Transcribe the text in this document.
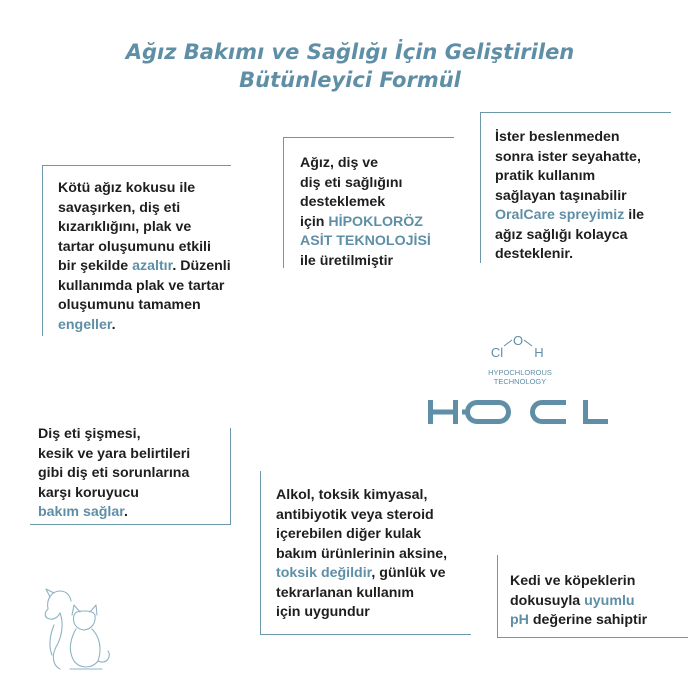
Ağız Bakımı ve Sağlığı İçin Geliştirilen
Bütünleyici Formül
Kötü ağız kokusu ile
savaşırken, diş eti
kızarıklığını, plak ve
tartar oluşumunu etkili
bir şekilde azaltır. Düzenli
kullanımda plak ve tartar
oluşumunu tamamen
engeller.
Ağız, diş ve
diş eti sağlığını
desteklemek
için HİPOKLORÖZ
ASİT TEKNOLOJİSİ
ile üretilmiştir
İster beslenmeden
sonra ister seyahatte,
pratik kullanım
sağlayan taşınabilir
OralCare spreyimiz ile
ağız sağlığı kolayca
desteklenir.
Diş eti şişmesi,
kesik ve yara belirtileri
gibi diş eti sorunlarına
karşı koruyucu
bakım sağlar.
Alkol, toksik kimyasal,
antibiyotik veya steroid
içerebilen diğer kulak
bakım ürünlerinin aksine,
toksik değildir, günlük ve
tekrarlanan kullanım
için uygundur
Kedi ve köpeklerin
dokusuyla uyumlu
pH değerine sahiptir
Cl
O
H
HYPOCHLOROUS
TECHNOLOGY
